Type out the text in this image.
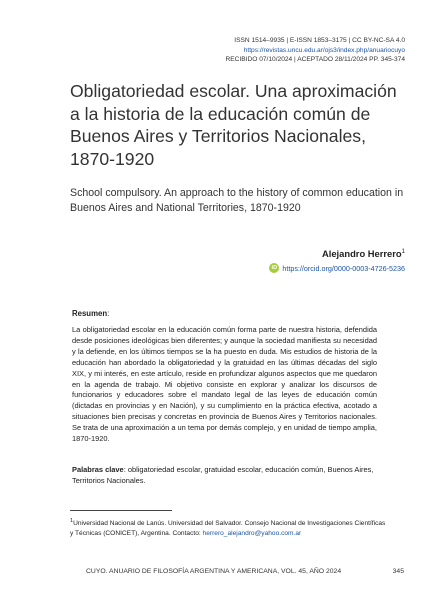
ISSN 1514–9935 | E-ISSN 1853–3175 | CC BY-NC-SA 4.0
https://revistas.uncu.edu.ar/ojs3/index.php/anuariocuyo
RECIBIDO 07/10/2024 | ACEPTADO 28/11/2024 PP. 345-374
Obligatoriedad escolar. Una aproximación a la historia de la educación común de Buenos Aires y Territorios Nacionales, 1870-1920

School compulsory. An approach to the history of common education in Buenos Aires and National Territories, 1870-1920

Alejandro Herrero$^1$
iD https://orcid.org/0000-0003-4726-5236
Resumen:

La obligatoriedad escolar en la educación común forma parte de nuestra historia, defendida desde posiciones ideológicas bien diferentes; y aunque la sociedad manifiesta su necesidad y la defiende, en los últimos tiempos se la ha puesto en duda. Mis estudios de historia de la educación han abordado la obligatoriedad y la gratuidad en las últimas décadas del siglo XIX, y mi interés, en este artículo, reside en profundizar algunos aspectos que me quedaron en la agenda de trabajo. Mi objetivo consiste en explorar y analizar los discursos de funcionarios y educadores sobre el mandato legal de las leyes de educación común (dictadas en provincias y en Nación), y su cumplimiento en la práctica efectiva, acotado a situaciones bien precisas y concretas en provincia de Buenos Aires y Territorios nacionales. Se trata de una aproximación a un tema por demás complejo, y en unidad de tiempo amplia, 1870-1920.

Palabras clave: obligatoriedad escolar, gratuidad escolar, educación común, Buenos Aires, Territorios Nacionales.

$^1$Universidad Nacional de Lanús. Universidad del Salvador. Consejo Nacional de Investigaciones Científicas y Técnicas (CONICET), Argentina. Contacto: herrero_alejandro@yahoo.com.ar

CUYO. ANUARIO DE FILOSOFÍA ARGENTINA Y AMERICANA, VOL. 45, AÑO 2024	345
